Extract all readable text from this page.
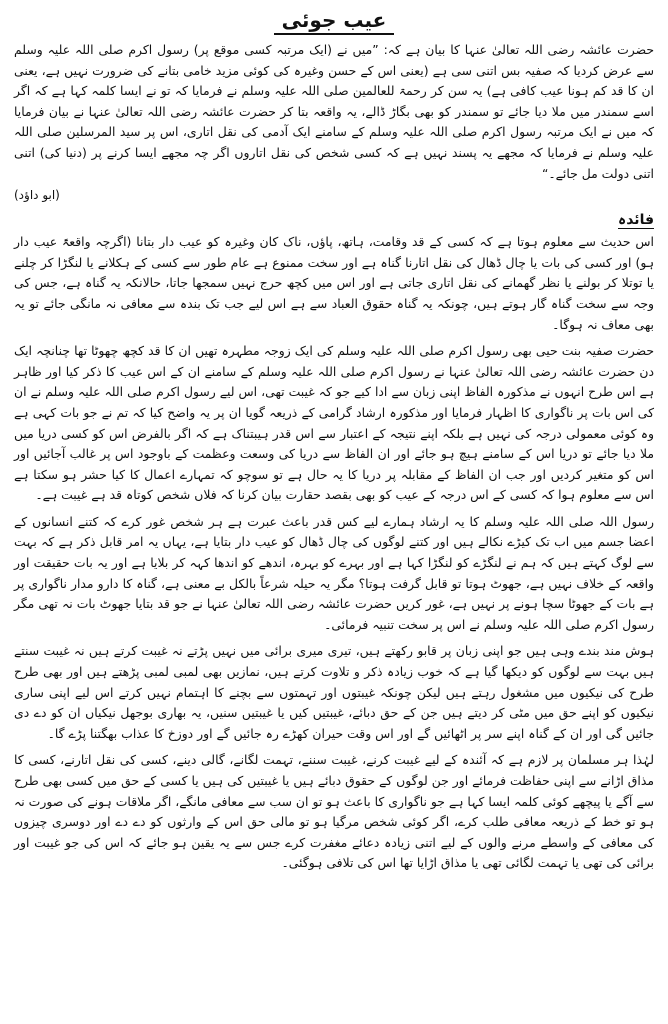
عیب جوئی

حضرت عائشہ رضی اللہ تعالیٰ عنہا کا بیان ہے کہ: ”میں نے (ایک مرتبہ کسی موقع پر) رسول اکرم صلی اللہ علیہ وسلم سے عرض کردیا کہ صفیہ بس اتنی سی ہے (یعنی اس کے حسن وغیرہ کی کوئی مزید خامی بتانے کی ضرورت نہیں ہے، یعنی ان کا قد کم ہونا عیب کافی ہے) یہ سن کر رحمۃ للعالمین صلی اللہ علیہ وسلم نے فرمایا کہ تو نے ایسا کلمہ کہا ہے کہ اگر اسے سمندر میں ملا دیا جائے تو سمندر کو بھی بگاڑ ڈالے، یہ واقعہ بتا کر حضرت عائشہ رضی اللہ تعالیٰ عنہا نے بیان فرمایا کہ میں نے ایک مرتبہ رسول اکرم صلی اللہ علیہ وسلم کے سامنے ایک آدمی کی نقل اتاری، اس پر سید المرسلین صلی اللہ علیہ وسلم نے فرمایا کہ مجھے یہ پسند نہیں ہے کہ کسی شخص کی نقل اتاروں اگر چہ مجھے ایسا کرنے پر (دنیا کی) اتنی اتنی دولت مل جائے۔“

(ابو داؤد)
فائدہ

اس حدیث سے معلوم ہوتا ہے کہ کسی کے قد وقامت، ہاتھ، پاؤں، ناک کان وغیرہ کو عیب دار بتانا (اگرچہ واقعۃً عیب دار ہو) اور کسی کی بات یا چال ڈھال کی نقل اتارنا گناہ ہے اور سخت ممنوع ہے عام طور سے کسی کے ہکلانے یا لنگڑا کر چلنے یا توتلا کر بولنے یا نظر گھمانے کی نقل اتاری جاتی ہے اور اس میں کچھ حرج نہیں سمجھا جاتا، حالانکہ یہ گناہ ہے، جس کی وجہ سے سخت گناہ گار ہوتے ہیں، چونکہ یہ گناہ حقوق العباد سے ہے اس لیے جب تک بندہ سے معافی نہ مانگی جائے تو یہ بھی معاف نہ ہوگا۔

حضرت صفیہ بنت حیی بھی رسول اکرم صلی اللہ علیہ وسلم کی ایک زوجہ مطہرہ تھیں ان کا قد کچھ چھوٹا تھا چنانچہ ایک دن حضرت عائشہ رضی اللہ تعالیٰ عنہا نے رسول اکرم صلی اللہ علیہ وسلم کے سامنے ان کے اس عیب کا ذکر کیا اور ظاہر ہے اس طرح انہوں نے مذکورہ الفاظ اپنی زبان سے ادا کیے جو کہ غیبت تھی، اس لیے رسول اکرم صلی اللہ علیہ وسلم نے ان کی اس بات پر ناگواری کا اظہار فرمایا اور مذکورہ ارشاد گرامی کے ذریعہ گویا ان پر یہ واضح کیا کہ تم نے جو بات کہی ہے وہ کوئی معمولی درجہ کی نہیں ہے بلکہ اپنے نتیجہ کے اعتبار سے اس قدر ہیبتناک ہے کہ اگر بالفرض اس کو کسی دریا میں ملا دیا جائے تو دریا اس کے سامنے ہیچ ہو جائے اور ان الفاظ سے دریا کی وسعت وعظمت کے باوجود اس پر غالب آجائیں اور اس کو متغیر کردیں اور جب ان الفاظ کے مقابلہ پر دریا کا یہ حال ہے تو سوچو کہ تمہارے اعمال کا کیا حشر ہو سکتا ہے اس سے معلوم ہوا کہ کسی کے اس درجہ کے عیب کو بھی بقصد حقارت بیان کرنا کہ فلاں شخص کوتاہ قد ہے غیبت ہے۔

رسول اللہ صلی اللہ علیہ وسلم کا یہ ارشاد ہمارے لیے کس قدر باعث عبرت ہے ہر شخص غور کرے کہ کتنے انسانوں کے اعضا جسم میں اب تک کیڑے نکالے ہیں اور کتنے لوگوں کی چال ڈھال کو عیب دار بتایا ہے، یہاں یہ امر قابل ذکر ہے کہ بہت سے لوگ کہتے ہیں کہ ہم نے لنگڑے کو لنگڑا کہا ہے اور بہرے کو بہرہ، اندھے کو اندھا کہہ کر بلایا ہے اور یہ بات حقیقت اور واقعہ کے خلاف نہیں ہے، جھوٹ ہوتا تو قابل گرفت ہوتا؟ مگر یہ حیلہ شرعاً بالکل بے معنی ہے، گناہ کا دارو مدار ناگواری پر ہے بات کے جھوٹا سچا ہونے پر نہیں ہے، غور کریں حضرت عائشہ رضی اللہ تعالیٰ عنہا نے جو قد بتایا جھوٹ بات نہ تھی مگر رسول اکرم صلی اللہ علیہ وسلم نے اس پر سخت تنبیہ فرمائی۔

ہوش مند بندے وہی ہیں جو اپنی زبان پر قابو رکھتے ہیں، تیری میری برائی میں نہیں پڑتے نہ غیبت کرتے ہیں نہ غیبت سنتے ہیں بہت سے لوگوں کو دیکھا گیا ہے کہ خوب زیادہ ذکر و تلاوت کرتے ہیں، نمازیں بھی لمبی لمبی پڑھتے ہیں اور بھی طرح طرح کی نیکیوں میں مشغول رہتے ہیں لیکن چونکہ غیبتوں اور تہمتوں سے بچنے کا اہتمام نہیں کرتے اس لیے اپنی ساری نیکیوں کو اپنے حق میں مٹی کر دیتے ہیں جن کے حق دبائے، غیبتیں کیں یا غیبتیں سنیں، یہ بھاری بوجھل نیکیاں ان کو دے دی جائیں گی اور ان کے گناہ اپنے سر پر اٹھائیں گے اور اس وقت حیران کھڑے رہ جائیں گے اور دوزخ کا عذاب بھگتنا پڑے گا۔

لہٰذا ہر مسلمان پر لازم ہے کہ آئندہ کے لیے غیبت کرنے، غیبت سننے، تہمت لگانے، گالی دینے، کسی کی نقل اتارنے، کسی کا مذاق اڑانے سے اپنی حفاظت فرمائے اور جن لوگوں کے حقوق دبائے ہیں یا غیبتیں کی ہیں یا کسی کے حق میں کسی بھی طرح سے آگے یا پیچھے کوئی کلمہ ایسا کہا ہے جو ناگواری کا باعث ہو تو ان سب سے معافی مانگے، اگر ملاقات ہونے کی صورت نہ ہو تو خط کے ذریعہ معافی طلب کرے، اگر کوئی شخص مرگیا ہو تو مالی حق اس کے وارثوں کو دے دے اور دوسری چیزوں کی معافی کے واسطے مرنے والوں کے لیے اتنی زیادہ دعائے مغفرت کرے جس سے یہ یقین ہو جائے کہ اس کی جو غیبت اور برائی کی تھی یا تہمت لگائی تھی یا مذاق اڑایا تھا اس کی تلافی ہوگئی۔
